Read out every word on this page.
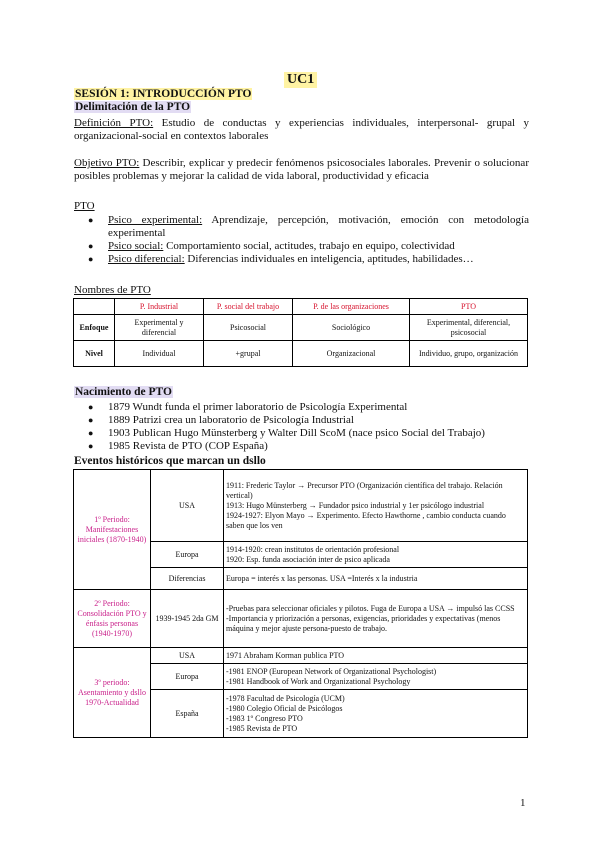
UC1
SESIÓN 1: INTRODUCCIÓN PTO
Delimitación de la PTO
Definición PTO: Estudio de conductas y experiencias individuales, interpersonal- grupal y organizacional-social en contextos laborales
Objetivo PTO: Describir, explicar y predecir fenómenos psicosociales laborales. Prevenir o solucionar posibles problemas y mejorar la calidad de vida laboral, productividad y eficacia
PTO
● Psico experimental: Aprendizaje, percepción, motivación, emoción con metodología experimental
● Psico social: Comportamiento social, actitudes, trabajo en equipo, colectividad
● Psico diferencial: Diferencias individuales en inteligencia, aptitudes, habilidades…
Nombres de PTO
	P. Industrial	P. social del trabajo	P. de las organizaciones	PTO
Enfoque	Experimental y diferencial	Psicosocial	Sociológico	Experimental, diferencial, psicosocial
Nivel	Individual	+grupal	Organizacional	Individuo, grupo, organización
Nacimiento de PTO
● 1879 Wundt funda el primer laboratorio de Psicología Experimental
● 1889 Patrizi crea un laboratorio de Psicología Industrial
● 1903 Publican Hugo Münsterberg y Walter Dill ScoM (nace psico Social del Trabajo)
● 1985 Revista de PTO (COP España)
Eventos históricos que marcan un dsllo
1º Periodo: Manifestaciones iniciales (1870-1940)	USA	1911: Frederic Taylor → Precursor PTO (Organización científica del trabajo. Relación vertical)
1913: Hugo Münsterberg → Fundador psico industrial y 1er psicólogo industrial
1924-1927: Elyon Mayo → Experimento. Efecto Hawthorne , cambio conducta cuando saben que los ven

	Europa	1914-1920: crean institutos de orientación profesional
1920: Esp. funda asociación inter de psico aplicada

	Diferencias	Europa = interés x las personas. USA =Interés x la industria
2º Periodo: Consolidación PTO y énfasis personas (1940-1970)	1939-1945 2da GM	-Pruebas para seleccionar oficiales y pilotos. Fuga de Europa a USA → impulsó las CCSS
-Importancia y priorización a personas, exigencias, prioridades y expectativas (menos máquina y mejor ajuste persona-puesto de trabajo.

3º periodo: Asentamiento y dsllo 1970-Actualidad	USA	1971 Abraham Korman publica PTO
	Europa	-1981 ENOP (European Network of Organizational Psychologist)
-1981 Handbook of Work and Organizational Psychology

	España	-1978 Facultad de Psicología (UCM)
-1980 Colegio Oficial de Psicólogos
-1983 1º Congreso PTO
-1985 Revista de PTO
1
